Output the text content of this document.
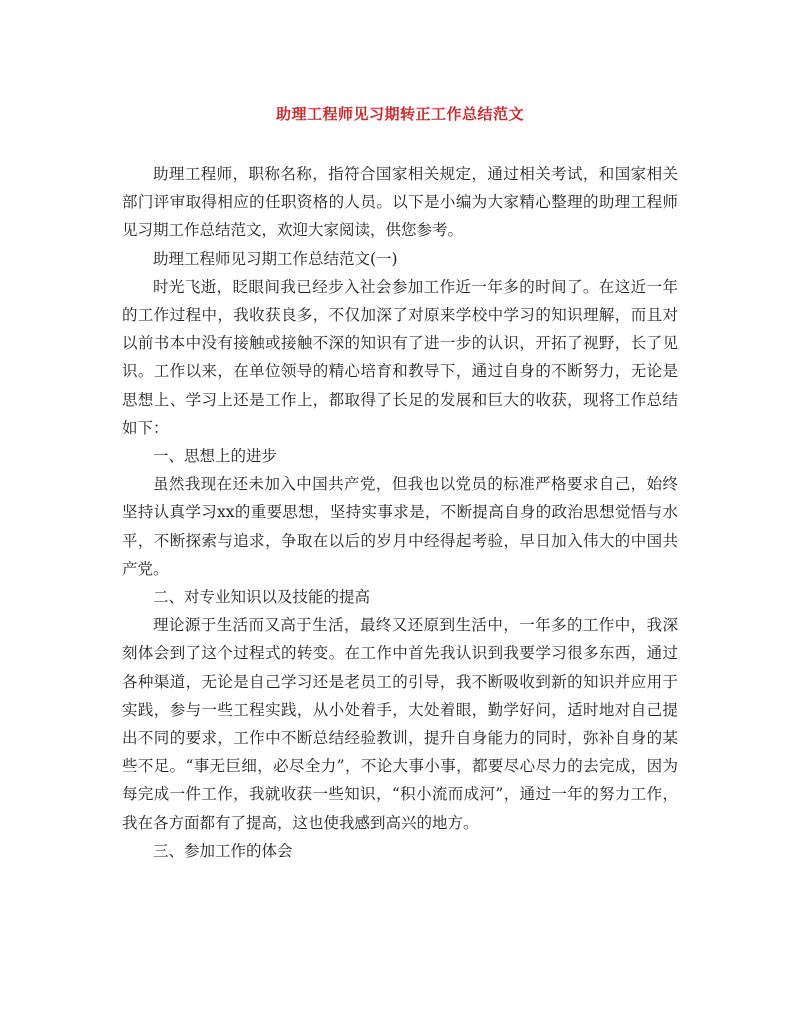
助理工程师见习期转正工作总结范文

助理工程师，职称名称，指符合国家相关规定，通过相关考试，和国家相关部门评审取得相应的任职资格的人员。以下是小编为大家精心整理的助理工程师见习期工作总结范文，欢迎大家阅读，供您参考。

助理工程师见习期工作总结范文(一)

时光飞逝，眨眼间我已经步入社会参加工作近一年多的时间了。在这近一年的工作过程中，我收获良多，不仅加深了对原来学校中学习的知识理解，而且对以前书本中没有接触或接触不深的知识有了进一步的认识，开拓了视野，长了见识。工作以来，在单位领导的精心培育和教导下，通过自身的不断努力，无论是思想上、学习上还是工作上，都取得了长足的发展和巨大的收获，现将工作总结如下：

一、思想上的进步

虽然我现在还未加入中国共产党，但我也以党员的标准严格要求自己，始终坚持认真学习xx的重要思想，坚持实事求是，不断提高自身的政治思想觉悟与水平，不断探索与追求，争取在以后的岁月中经得起考验，早日加入伟大的中国共产党。

二、对专业知识以及技能的提高

理论源于生活而又高于生活，最终又还原到生活中，一年多的工作中，我深刻体会到了这个过程式的转变。在工作中首先我认识到我要学习很多东西，通过各种渠道，无论是自己学习还是老员工的引导，我不断吸收到新的知识并应用于实践，参与一些工程实践，从小处着手，大处着眼，勤学好问，适时地对自己提出不同的要求，工作中不断总结经验教训，提升自身能力的同时，弥补自身的某些不足。“事无巨细，必尽全力”，不论大事小事，都要尽心尽力的去完成，因为每完成一件工作，我就收获一些知识，“积小流而成河”，通过一年的努力工作，我在各方面都有了提高，这也使我感到高兴的地方。

三、参加工作的体会
